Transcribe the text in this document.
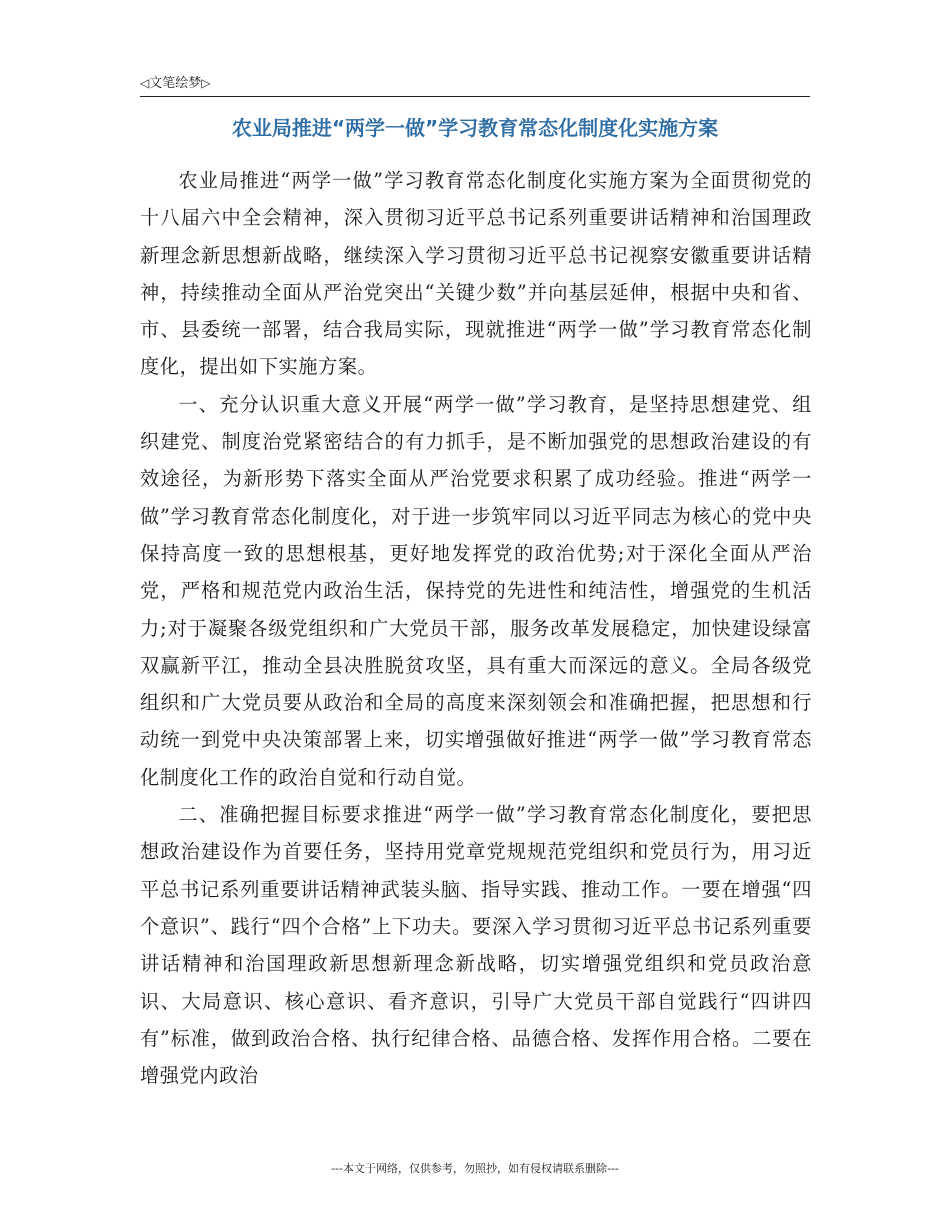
◁文笔绘梦▷
农业局推进“两学一做”学习教育常态化制度化实施方案

农业局推进“两学一做”学习教育常态化制度化实施方案为全面贯彻党的十八届六中全会精神，深入贯彻习近平总书记系列重要讲话精神和治国理政新理念新思想新战略，继续深入学习贯彻习近平总书记视察安徽重要讲话精神，持续推动全面从严治党突出“关键少数”并向基层延伸，根据中央和省、市、县委统一部署，结合我局实际，现就推进“两学一做”学习教育常态化制度化，提出如下实施方案。

一、充分认识重大意义开展“两学一做”学习教育，是坚持思想建党、组织建党、制度治党紧密结合的有力抓手，是不断加强党的思想政治建设的有效途径，为新形势下落实全面从严治党要求积累了成功经验。推进“两学一做”学习教育常态化制度化，对于进一步筑牢同以习近平同志为核心的党中央保持高度一致的思想根基，更好地发挥党的政治优势;对于深化全面从严治党，严格和规范党内政治生活，保持党的先进性和纯洁性，增强党的生机活力;对于凝聚各级党组织和广大党员干部，服务改革发展稳定，加快建设绿富双赢新平江，推动全县决胜脱贫攻坚，具有重大而深远的意义。全局各级党组织和广大党员要从政治和全局的高度来深刻领会和准确把握，把思想和行动统一到党中央决策部署上来，切实增强做好推进“两学一做”学习教育常态化制度化工作的政治自觉和行动自觉。

二、准确把握目标要求推进“两学一做”学习教育常态化制度化，要把思想政治建设作为首要任务，坚持用党章党规规范党组织和党员行为，用习近平总书记系列重要讲话精神武装头脑、指导实践、推动工作。一要在增强“四个意识”、践行“四个合格”上下功夫。要深入学习贯彻习近平总书记系列重要讲话精神和治国理政新思想新理念新战略，切实增强党组织和党员政治意识、大局意识、核心意识、看齐意识，引导广大党员干部自觉践行“四讲四有”标准，做到政治合格、执行纪律合格、品德合格、发挥作用合格。二要在增强党内政治

---本文于网络，仅供参考，勿照抄，如有侵权请联系删除---
